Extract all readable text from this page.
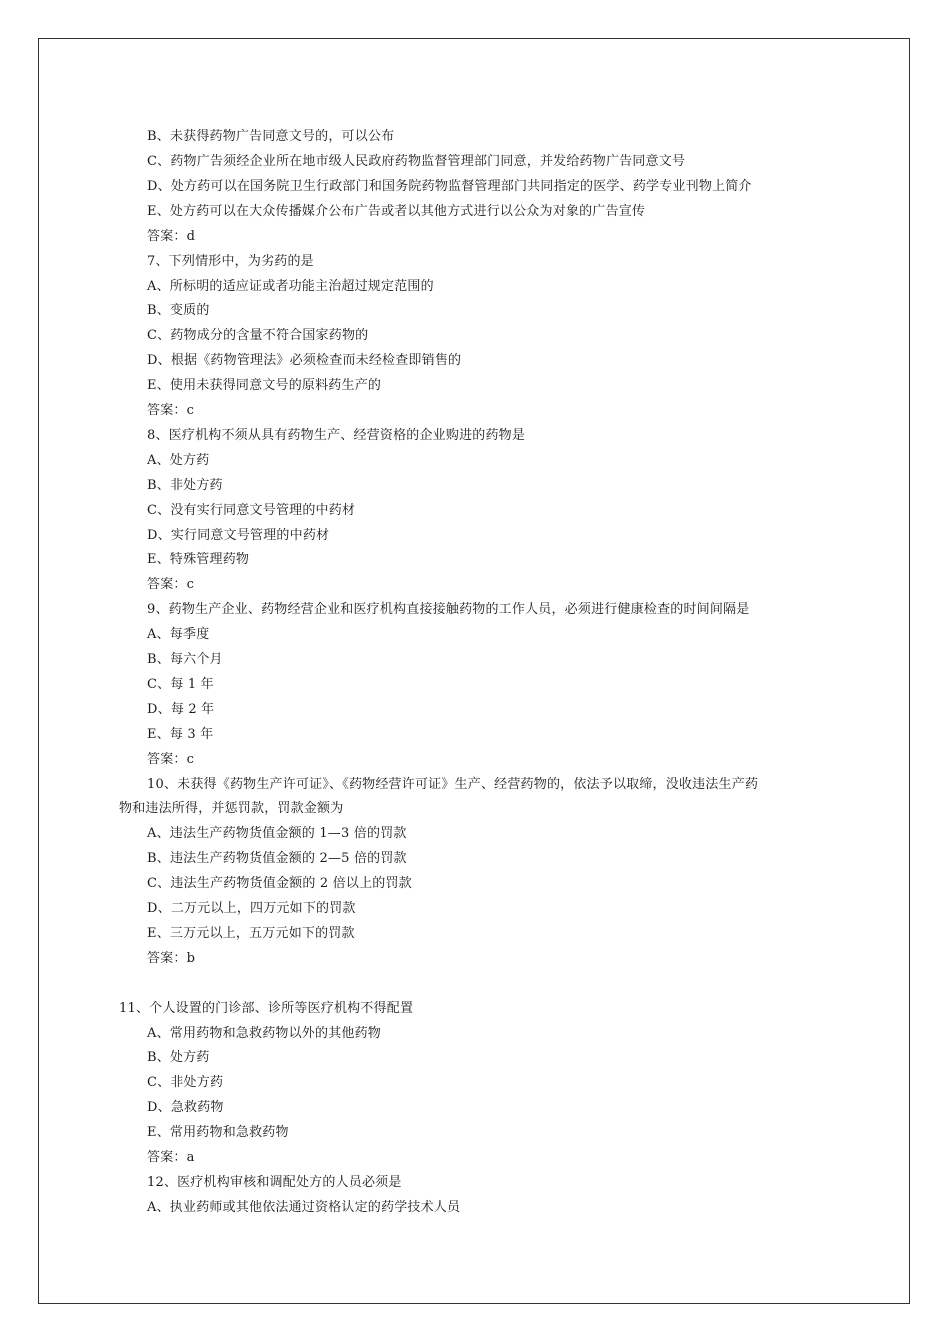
B、未获得药物广告同意文号的，可以公布
C、药物广告须经企业所在地市级人民政府药物监督管理部门同意，并发给药物广告同意文号
D、处方药可以在国务院卫生行政部门和国务院药物监督管理部门共同指定的医学、药学专业刊物上简介
E、处方药可以在大众传播媒介公布广告或者以其他方式进行以公众为对象的广告宣传
答案：d
7、下列情形中，为劣药的是
A、所标明的适应证或者功能主治超过规定范围的
B、变质的
C、药物成分的含量不符合国家药物的
D、根据《药物管理法》必须检查而未经检查即销售的
E、使用未获得同意文号的原料药生产的
答案：c
8、医疗机构不须从具有药物生产、经营资格的企业购进的药物是
A、处方药
B、非处方药
C、没有实行同意文号管理的中药材
D、实行同意文号管理的中药材
E、特殊管理药物
答案：c
9、药物生产企业、药物经营企业和医疗机构直接接触药物的工作人员，必须进行健康检查的时间间隔是
A、每季度
B、每六个月
C、每 1 年
D、每 2 年
E、每 3 年
答案：c
10、未获得《药物生产许可证》、《药物经营许可证》生产、经营药物的，依法予以取缔，没收违法生产药
物和违法所得，并惩罚款，罚款金额为
A、违法生产药物货值金额的 1—3 倍的罚款
B、违法生产药物货值金额的 2—5 倍的罚款
C、违法生产药物货值金额的 2 倍以上的罚款
D、二万元以上，四万元如下的罚款
E、三万元以上，五万元如下的罚款
答案：b
11、个人设置的门诊部、诊所等医疗机构不得配置
A、常用药物和急救药物以外的其他药物
B、处方药
C、非处方药
D、急救药物
E、常用药物和急救药物
答案：a
12、医疗机构审核和调配处方的人员必须是
A、执业药师或其他依法通过资格认定的药学技术人员
